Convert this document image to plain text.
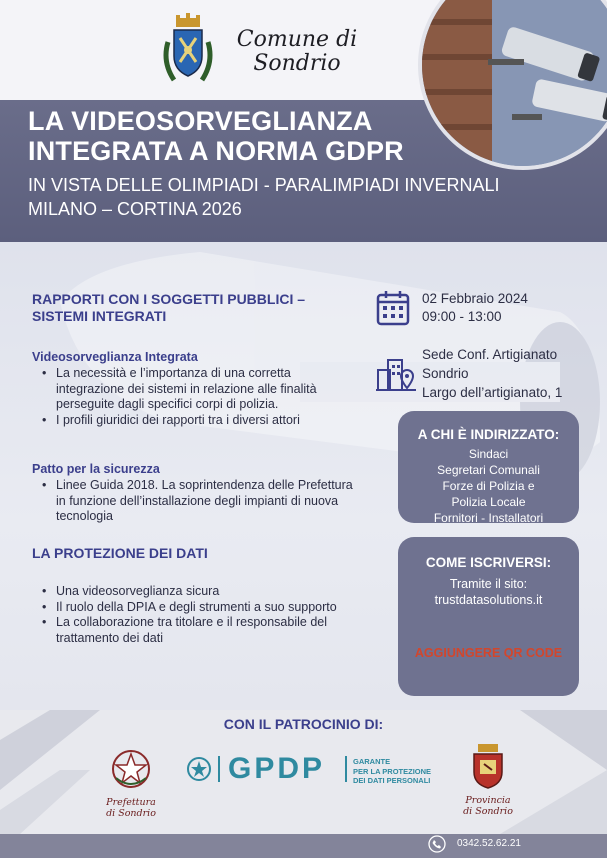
Comune di
Sondrio
LA VIDEOSORVEGLIANZA
INTEGRATA A NORMA GDPR
IN VISTA DELLE OLIMPIADI - PARALIMPIADI INVERNALI
MILANO – CORTINA 2026
RAPPORTI CON I SOGGETTI PUBBLICI –
SISTEMI INTEGRATI
Videosorveglianza Integrata
• La necessità e l’importanza di una corretta integrazione dei sistemi in relazione alle finalità perseguite dagli specifici corpi di polizia.
• I profili giuridici dei rapporti tra i diversi attori
Patto per la sicurezza
• Linee Guida 2018. La soprintendenza delle Prefettura in funzione dell’installazione degli impianti di nuova tecnologia
LA PROTEZIONE DEI DATI
• Una videosorveglianza sicura
• Il ruolo della DPIA e degli strumenti a suo supporto
• La collaborazione tra titolare e il responsabile del trattamento dei dati
02 Febbraio 2024
09:00 - 13:00
Sede Conf. Artigianato
Sondrio
Largo dell’artigianato, 1
A CHI È INDIRIZZATO:
Sindaci
Segretari Comunali
Forze di Polizia e
Polizia Locale
Fornitori - Installatori
COME ISCRIVERSI:
Tramite il sito:
trustdatasolutions.it
AGGIUNGERE QR CODE
CON IL PATROCINIO DI:
Prefettura
di Sondrio
GPDP	GARANTE
PER LA PROTEZIONE
DEI DATI PERSONALI
Provincia
di Sondrio
0342.52.62.21
